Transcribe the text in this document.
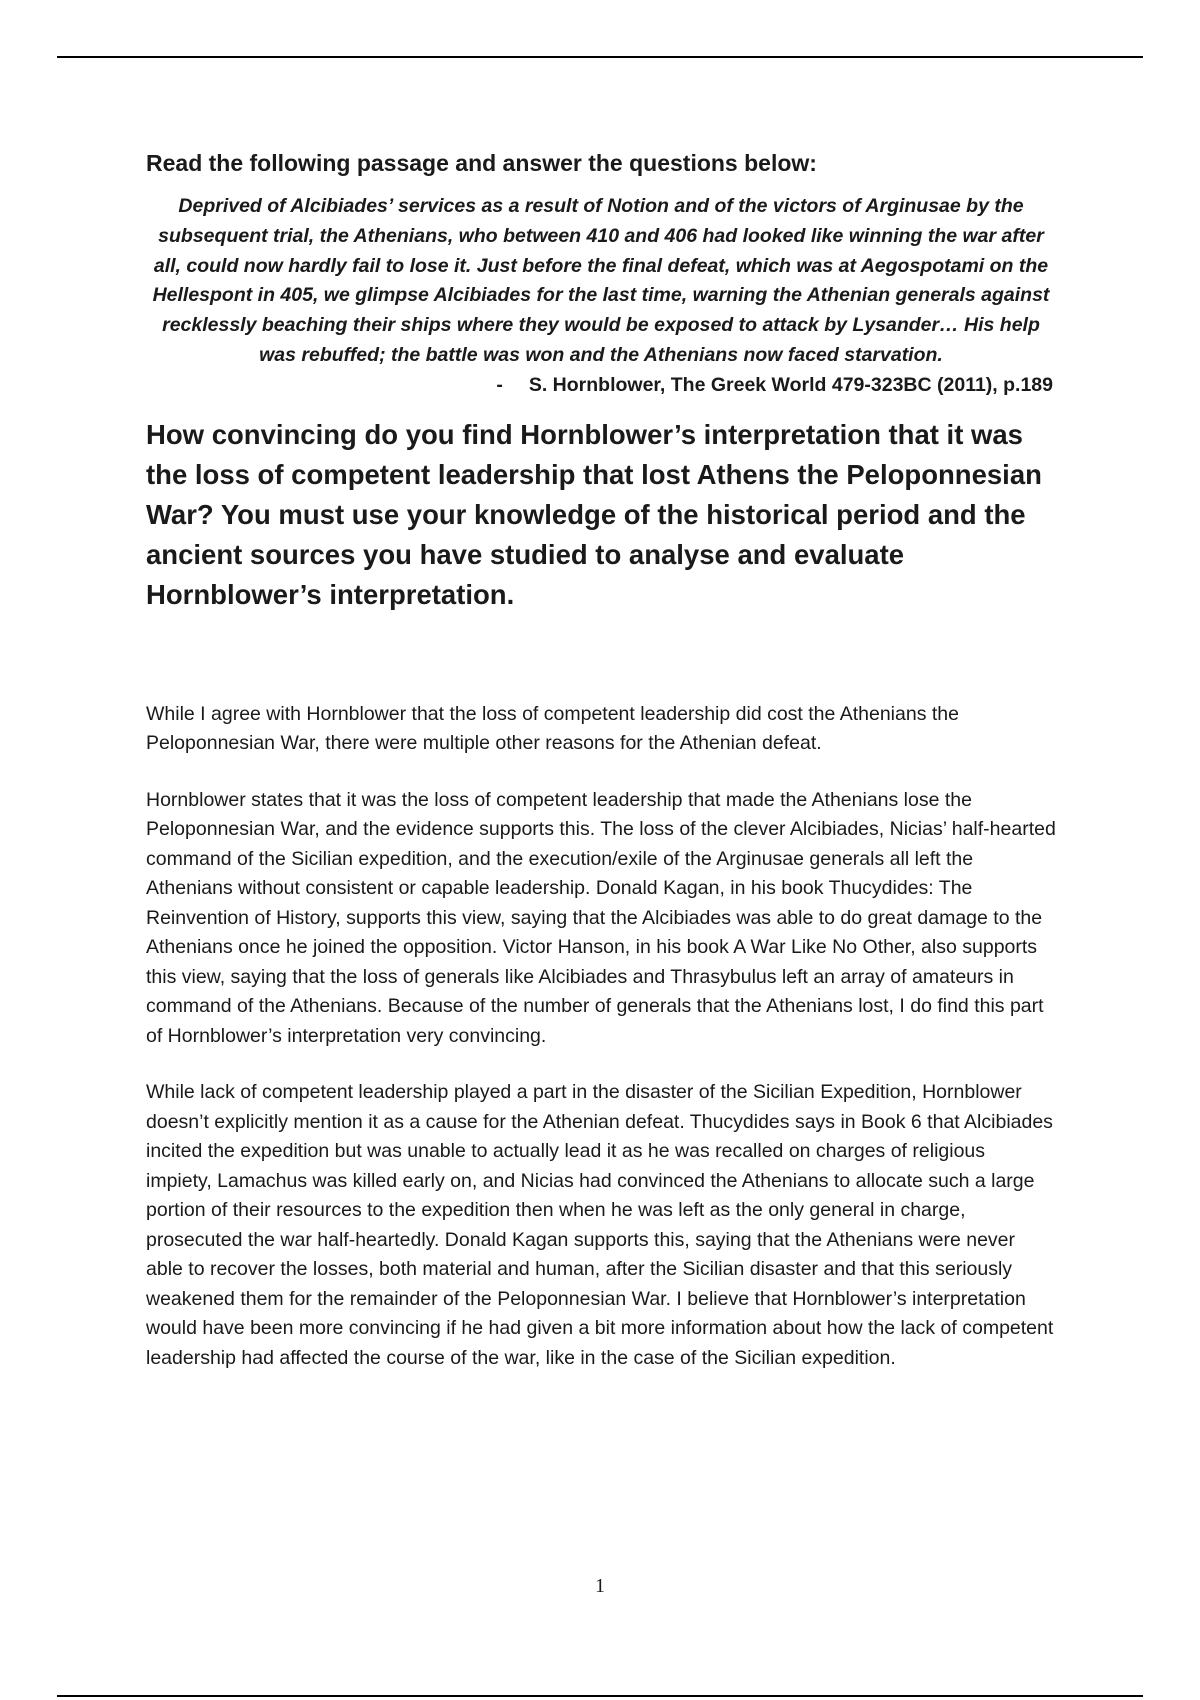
Read the following passage and answer the questions below:

Deprived of Alcibiades’ services as a result of Notion and of the victors of Arginusae by the subsequent trial, the Athenians, who between 410 and 406 had looked like winning the war after all, could now hardly fail to lose it. Just before the final defeat, which was at Aegospotami on the Hellespont in 405, we glimpse Alcibiades for the last time, warning the Athenian generals against recklessly beaching their ships where they would be exposed to attack by Lysander… His help was rebuffed; the battle was won and the Athenians now faced starvation.

- S. Hornblower, The Greek World 479-323BC (2011), p.189

How convincing do you find Hornblower’s interpretation that it was the loss of competent leadership that lost Athens the Peloponnesian War? You must use your knowledge of the historical period and the ancient sources you have studied to analyse and evaluate Hornblower’s interpretation.

While I agree with Hornblower that the loss of competent leadership did cost the Athenians the Peloponnesian War, there were multiple other reasons for the Athenian defeat.

Hornblower states that it was the loss of competent leadership that made the Athenians lose the Peloponnesian War, and the evidence supports this. The loss of the clever Alcibiades, Nicias’ half-hearted command of the Sicilian expedition, and the execution/exile of the Arginusae generals all left the Athenians without consistent or capable leadership. Donald Kagan, in his book Thucydides: The Reinvention of History, supports this view, saying that the Alcibiades was able to do great damage to the Athenians once he joined the opposition. Victor Hanson, in his book A War Like No Other, also supports this view, saying that the loss of generals like Alcibiades and Thrasybulus left an array of amateurs in command of the Athenians. Because of the number of generals that the Athenians lost, I do find this part of Hornblower’s interpretation very convincing.

While lack of competent leadership played a part in the disaster of the Sicilian Expedition, Hornblower doesn’t explicitly mention it as a cause for the Athenian defeat. Thucydides says in Book 6 that Alcibiades incited the expedition but was unable to actually lead it as he was recalled on charges of religious impiety, Lamachus was killed early on, and Nicias had convinced the Athenians to allocate such a large portion of their resources to the expedition then when he was left as the only general in charge, prosecuted the war half-heartedly. Donald Kagan supports this, saying that the Athenians were never able to recover the losses, both material and human, after the Sicilian disaster and that this seriously weakened them for the remainder of the Peloponnesian War. I believe that Hornblower’s interpretation would have been more convincing if he had given a bit more information about how the lack of competent leadership had affected the course of the war, like in the case of the Sicilian expedition.

1
